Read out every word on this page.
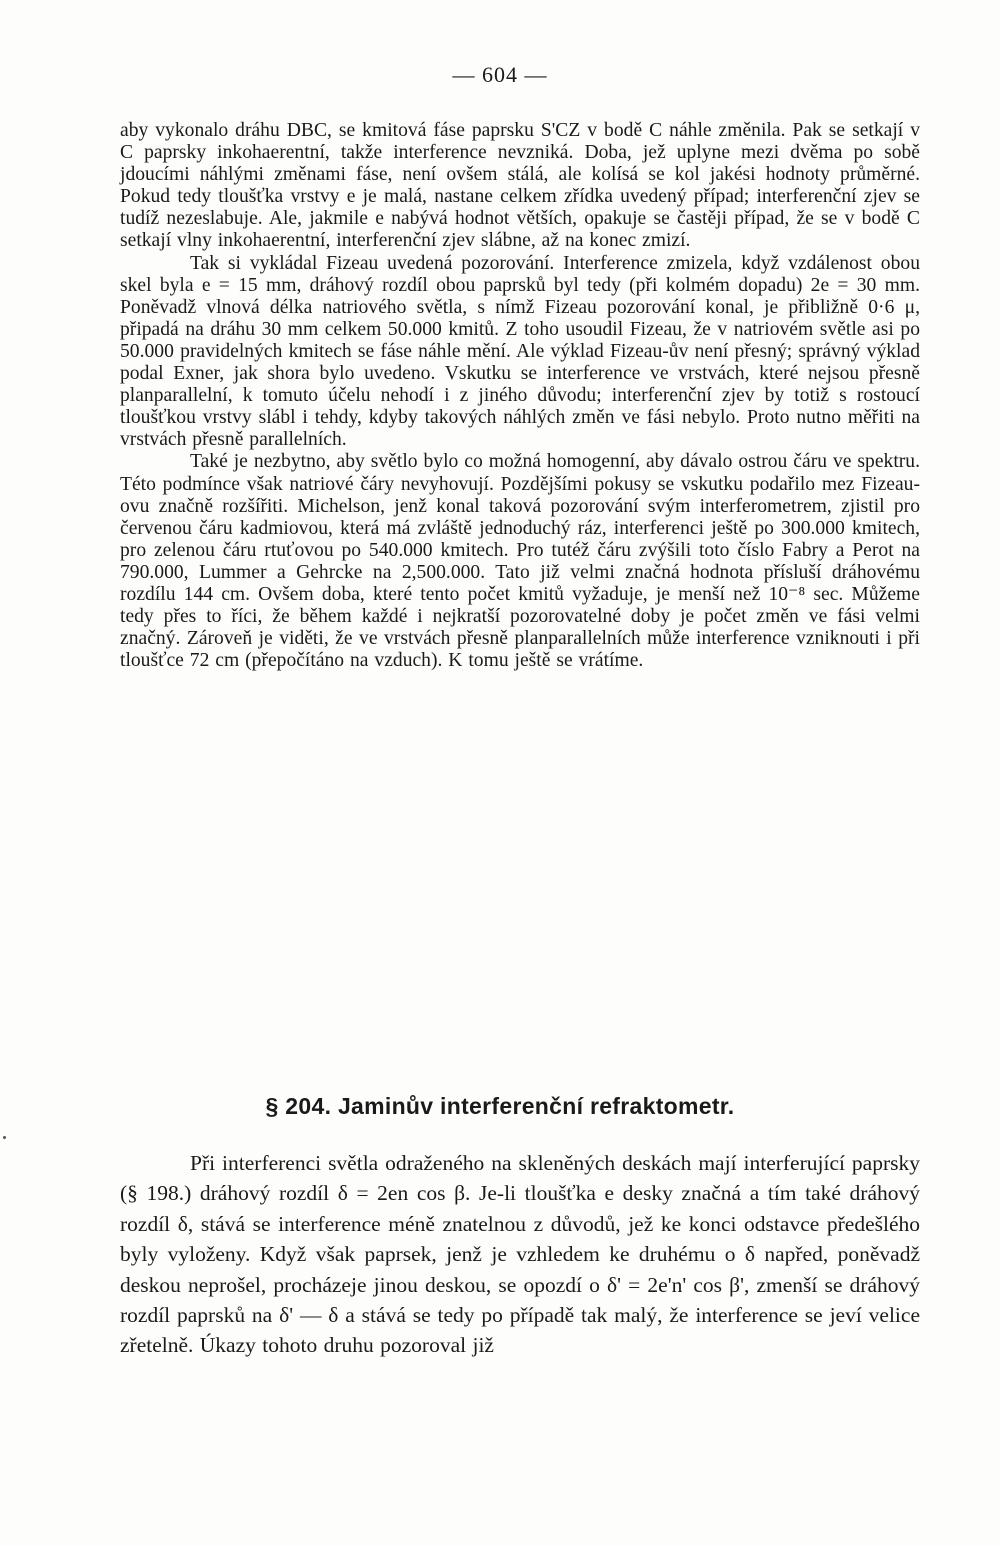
— 604 —

aby vykonalo dráhu DBC, se kmitová fáse paprsku S'CZ v bodě C náhle změnila. Pak se setkají v C paprsky inkohaerentní, takže interference nevzniká. Doba, jež uplyne mezi dvěma po sobě jdoucími náhlými změnami fáse, není ovšem stálá, ale kolísá se kol jakési hodnoty průměrné. Pokud tedy tloušťka vrstvy e je malá, nastane celkem zřídka uvedený případ; interferenční zjev se tudíž nezeslabuje. Ale, jakmile e nabývá hodnot větších, opakuje se častěji případ, že se v bodě C setkají vlny inkohaerentní, interferenční zjev slábne, až na konec zmizí.

Tak si vykládal Fizeau uvedená pozorování. Interference zmizela, když vzdálenost obou skel byla e = 15 mm, dráhový rozdíl obou paprsků byl tedy (při kolmém dopadu) 2e = 30 mm. Poněvadž vlnová délka natriového světla, s nímž Fizeau pozorování konal, je přibližně 0·6 μ, připadá na dráhu 30 mm celkem 50.000 kmitů. Z toho usoudil Fizeau, že v natriovém světle asi po 50.000 pravidelných kmitech se fáse náhle mění. Ale výklad Fizeau-ův není přesný; správný výklad podal Exner, jak shora bylo uvedeno. Vskutku se interference ve vrstvách, které nejsou přesně planparallelní, k tomuto účelu nehodí i z jiného důvodu; interferenční zjev by totiž s rostoucí tloušťkou vrstvy slábl i tehdy, kdyby takových náhlých změn ve fási nebylo. Proto nutno měřiti na vrstvách přesně parallelních.

Také je nezbytno, aby světlo bylo co možná homogenní, aby dávalo ostrou čáru ve spektru. Této podmínce však natriové čáry nevyhovují. Pozdějšími pokusy se vskutku podařilo mez Fizeau-ovu značně rozšířiti. Michelson, jenž konal taková pozorování svým interferometrem, zjistil pro červenou čáru kadmiovou, která má zvláště jednoduchý ráz, interferenci ještě po 300.000 kmitech, pro zelenou čáru rtuťovou po 540.000 kmitech. Pro tutéž čáru zvýšili toto číslo Fabry a Perot na 790.000, Lummer a Gehrcke na 2,500.000. Tato již velmi značná hodnota přísluší dráhovému rozdílu 144 cm. Ovšem doba, které tento počet kmitů vyžaduje, je menší než 10⁻⁸ sec. Můžeme tedy přes to říci, že během každé i nejkratší pozorovatelné doby je počet změn ve fási velmi značný. Zároveň je viděti, že ve vrstvách přesně planparallelních může interference vzniknouti i při tloušťce 72 cm (přepočítáno na vzduch). K tomu ještě se vrátíme.

§ 204. Jaminův interferenční refraktometr.

Při interferenci světla odraženého na skleněných deskách mají interferující paprsky (§ 198.) dráhový rozdíl δ = 2en cos β. Je-li tloušťka e desky značná a tím také dráhový rozdíl δ, stává se interference méně znatelnou z důvodů, jež ke konci odstavce předešlého byly vyloženy. Když však paprsek, jenž je vzhledem ke druhému o δ napřed, poněvadž deskou neprošel, procházeje jinou deskou, se opozdí o δ' = 2e'n' cos β', zmenší se dráhový rozdíl paprsků na δ' — δ a stává se tedy po případě tak malý, že interference se jeví velice zřetelně. Úkazy tohoto druhu pozoroval již
